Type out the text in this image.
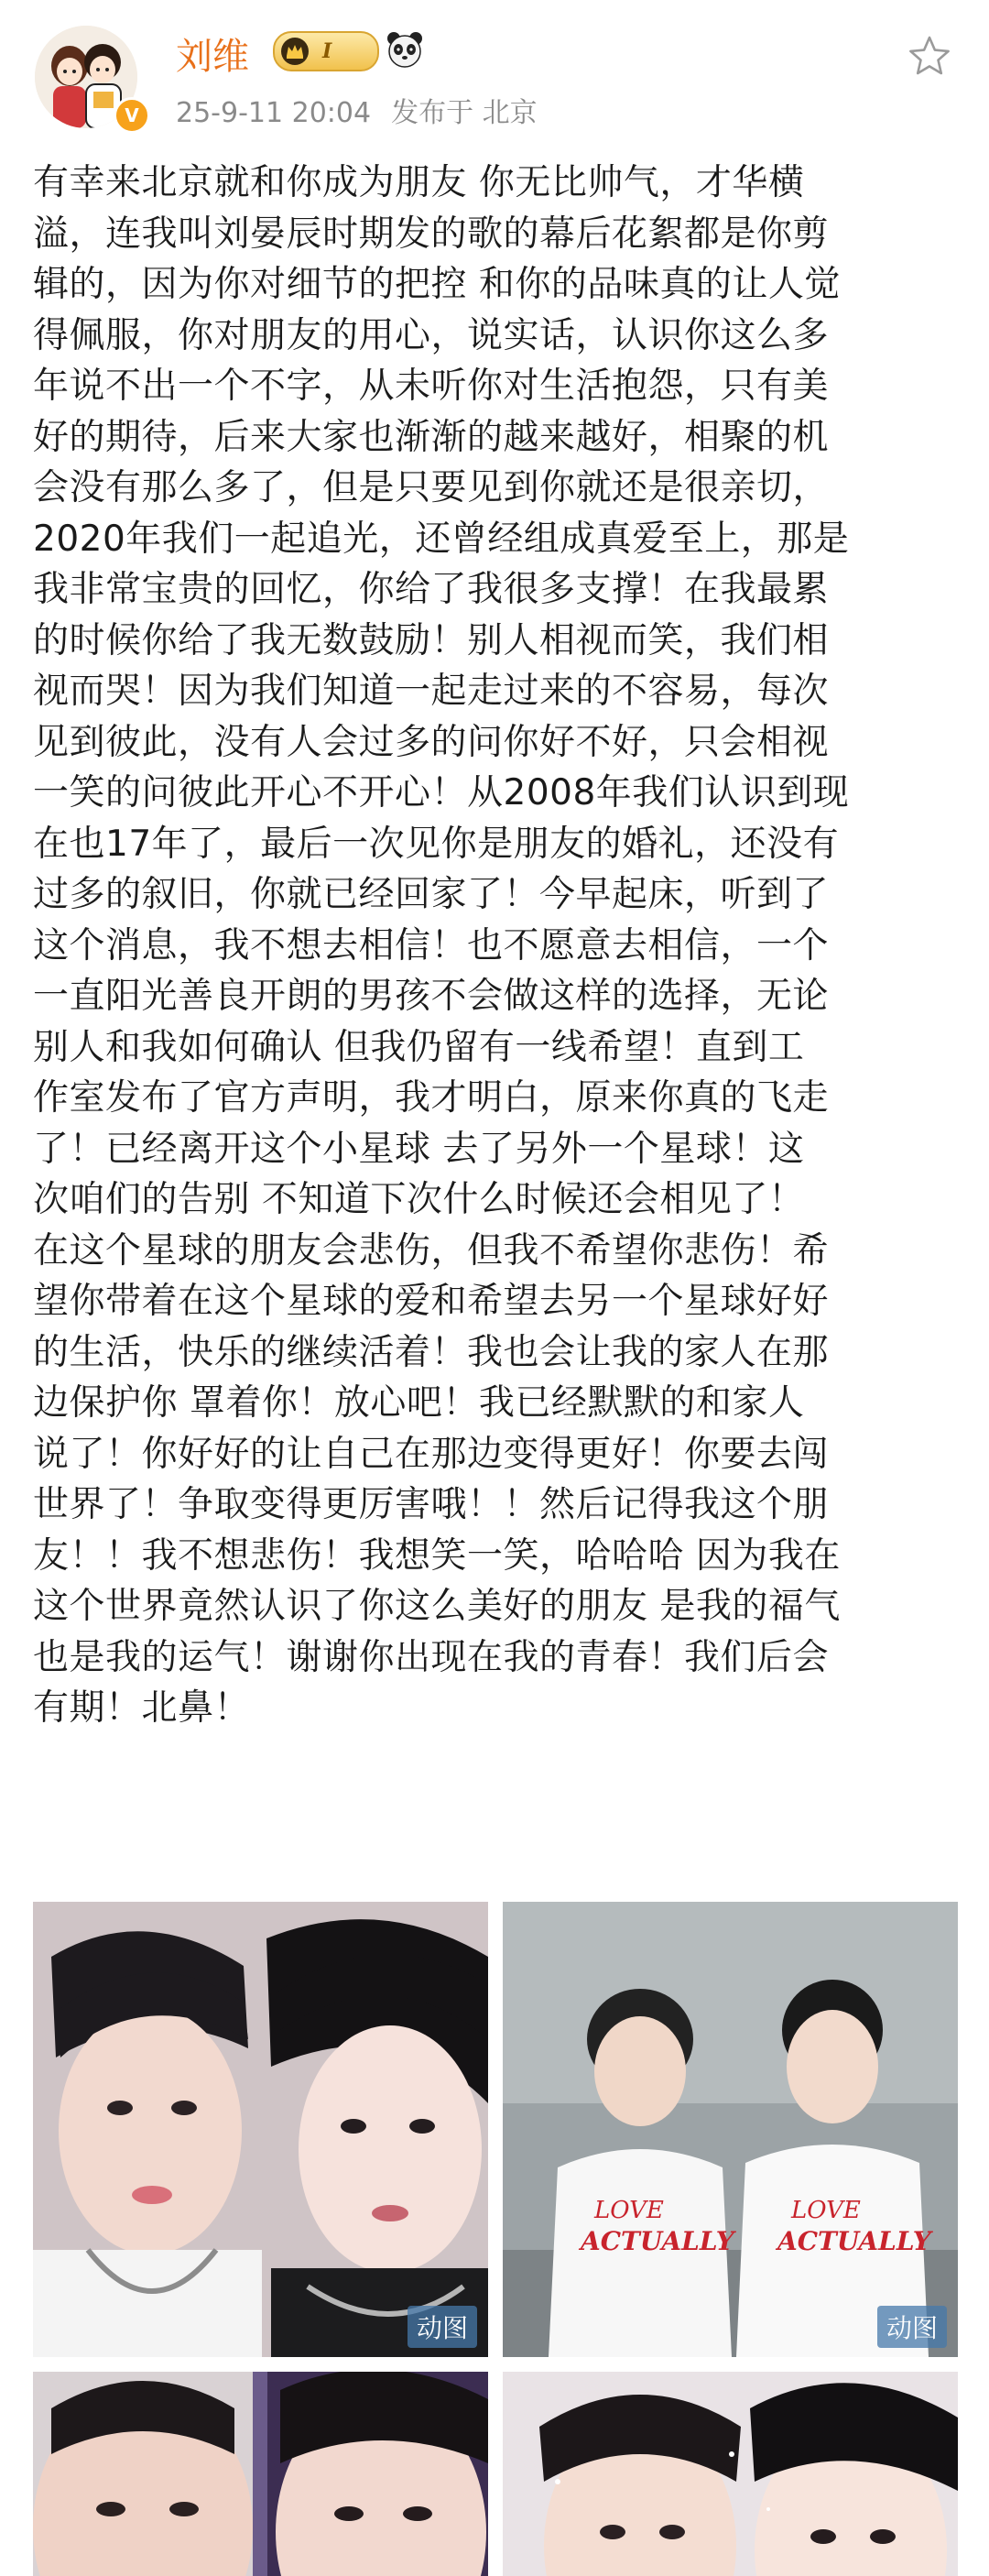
V
刘维	I
25-9-11 20:04 发布于 北京
有幸来北京就和你成为朋友 你无比帅气，才华横
溢，连我叫刘晏辰时期发的歌的幕后花絮都是你剪
辑的，因为你对细节的把控 和你的品味真的让人觉
得佩服，你对朋友的用心，说实话，认识你这么多
年说不出一个不字，从未听你对生活抱怨，只有美
好的期待，后来大家也渐渐的越来越好，相聚的机
会没有那么多了，但是只要见到你就还是很亲切，
2020年我们一起追光，还曾经组成真爱至上，那是
我非常宝贵的回忆，你给了我很多支撑！在我最累
的时候你给了我无数鼓励！别人相视而笑，我们相
视而哭！因为我们知道一起走过来的不容易，每次
见到彼此，没有人会过多的问你好不好，只会相视
一笑的问彼此开心不开心！从2008年我们认识到现
在也17年了，最后一次见你是朋友的婚礼，还没有
过多的叙旧，你就已经回家了！今早起床，听到了
这个消息，我不想去相信！也不愿意去相信，一个
一直阳光善良开朗的男孩不会做这样的选择，无论
别人和我如何确认 但我仍留有一线希望！直到工
作室发布了官方声明，我才明白，原来你真的飞走
了！已经离开这个小星球 去了另外一个星球！这
次咱们的告别 不知道下次什么时候还会相见了！
在这个星球的朋友会悲伤，但我不希望你悲伤！希
望你带着在这个星球的爱和希望去另一个星球好好
的生活，快乐的继续活着！我也会让我的家人在那
边保护你 罩着你！放心吧！我已经默默的和家人
说了！你好好的让自己在那边变得更好！你要去闯
世界了！争取变得更厉害哦！！然后记得我这个朋
友！！我不想悲伤！我想笑一笑，哈哈哈 因为我在
这个世界竟然认识了你这么美好的朋友 是我的福气
也是我的运气！谢谢你出现在我的青春！我们后会
有期！北鼻！
动图
LOVE
ACTUALLY
LOVE
ACTUALLY
动图
